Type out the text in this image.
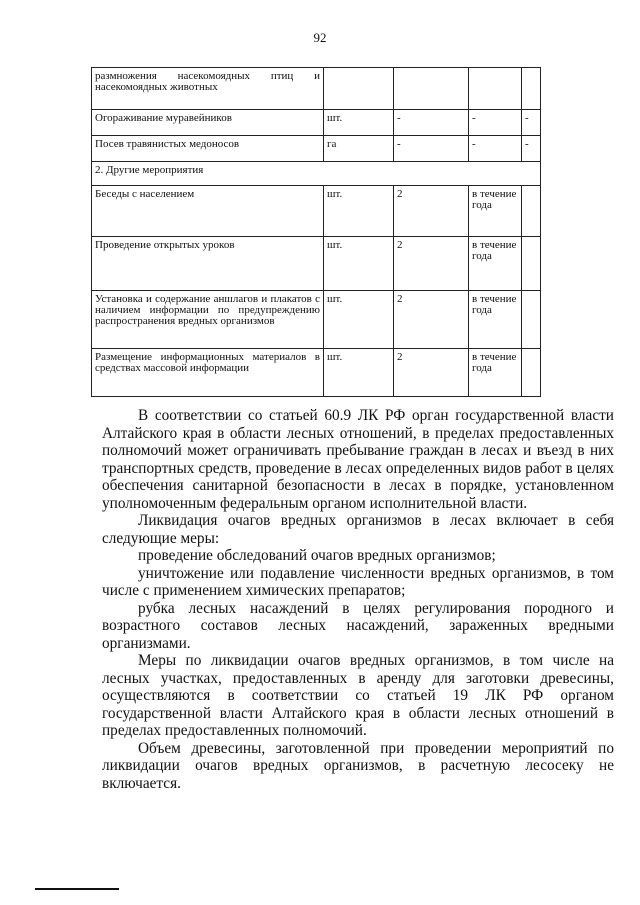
92
размножения насекомоядных птиц и насекомоядных животных				
Огораживание муравейников	шт.	-	-	-
Посев травянистых медоносов	га	-	-	-
2. Другие мероприятия				
Беседы с населением	шт.	2	в течение года	
Проведение открытых уроков	шт.	2	в течение года	
Установка и содержание аншлагов и плакатов с наличием информации по предупреждению распространения вредных организмов	шт.	2	в течение года	
Размещение информационных материалов в средствах массовой информации	шт.	2	в течение года	

В соответствии со статьей 60.9 ЛК РФ орган государственной власти Алтайского края в области лесных отношений, в пределах предоставленных полномочий может ограничивать пребывание граждан в лесах и въезд в них транспортных средств, проведение в лесах определенных видов работ в целях обеспечения санитарной безопасности в лесах в порядке, установленном уполномоченным федеральным органом исполнительной власти.

Ликвидация очагов вредных организмов в лесах включает в себя следующие меры:

проведение обследований очагов вредных организмов;

уничтожение или подавление численности вредных организмов, в том числе с применением химических препаратов;

рубка лесных насаждений в целях регулирования породного и возрастного составов лесных насаждений, зараженных вредными организмами.

Меры по ликвидации очагов вредных организмов, в том числе на лесных участках, предоставленных в аренду для заготовки древесины, осуществляются в соответствии со статьей 19 ЛК РФ органом государственной власти Алтайского края в области лесных отношений в пределах предоставленных полномочий.

Объем древесины, заготовленной при проведении мероприятий по ликвидации очагов вредных организмов, в расчетную лесосеку не включается.
